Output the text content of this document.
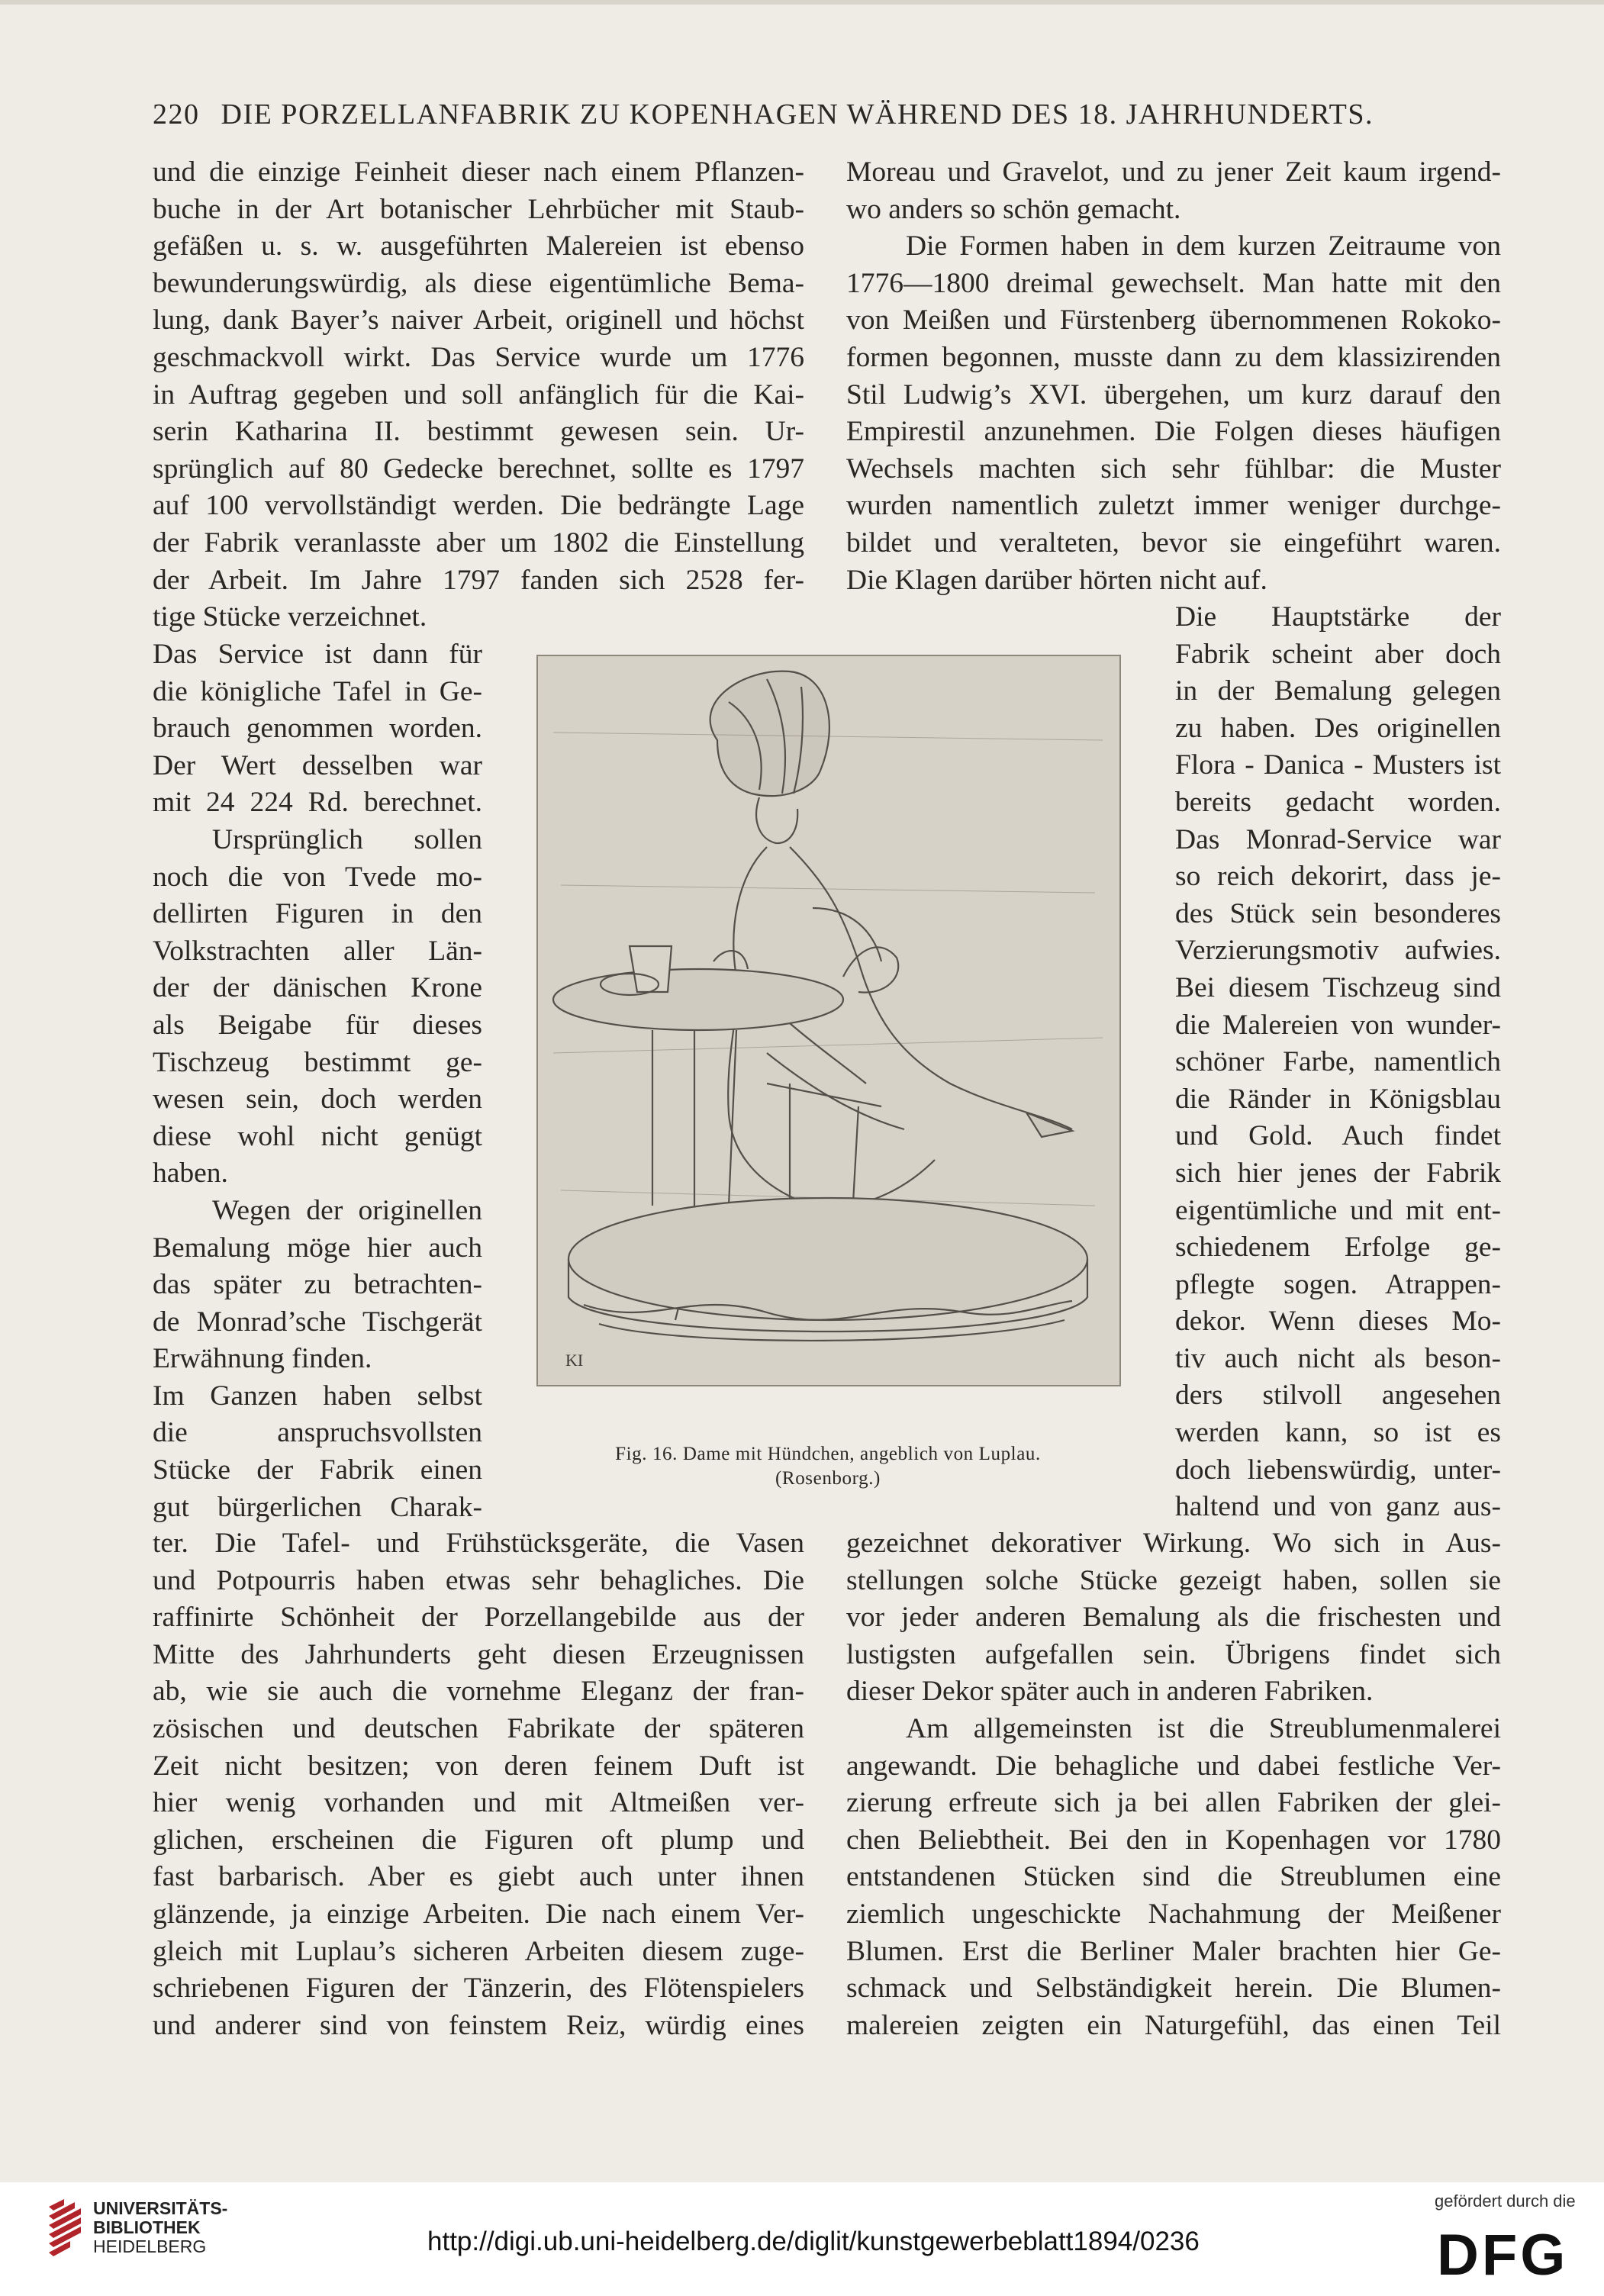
220 DIE PORZELLANFABRIK ZU KOPENHAGEN WÄHREND DES 18. JAHRHUNDERTS.
und die einzige Feinheit dieser nach einem Pflanzen-
buche in der Art botanischer Lehrbücher mit Staub-
gefäßen u. s. w. ausgeführten Malereien ist ebenso
bewunderungswürdig, als diese eigentümliche Bema-
lung, dank Bayer’s naiver Arbeit, originell und höchst
geschmackvoll wirkt. Das Service wurde um 1776
in Auftrag gegeben und soll anfänglich für die Kai-
serin Katharina II. bestimmt gewesen sein. Ur-
sprünglich auf 80 Gedecke berechnet, sollte es 1797
auf 100 vervollständigt werden. Die bedrängte Lage
der Fabrik veranlasste aber um 1802 die Einstellung
der Arbeit. Im Jahre 1797 fanden sich 2528 fer-
tige Stücke verzeichnet.
Moreau und Gravelot, und zu jener Zeit kaum irgend-
wo anders so schön gemacht.
Die Formen haben in dem kurzen Zeitraume von
1776—1800 dreimal gewechselt. Man hatte mit den
von Meißen und Fürstenberg übernommenen Rokoko-
formen begonnen, musste dann zu dem klassizirenden
Stil Ludwig’s XVI. übergehen, um kurz darauf den
Empirestil anzunehmen. Die Folgen dieses häufigen
Wechsels machten sich sehr fühlbar: die Muster
wurden namentlich zuletzt immer weniger durchge-
bildet und veralteten, bevor sie eingeführt waren.
Die Klagen darüber hörten nicht auf.
Das Service ist dann für
die königliche Tafel in Ge-
brauch genommen worden.
Der Wert desselben war
mit 24 224 Rd. berechnet.
Ursprünglich sollen
noch die von Tvede mo-
dellirten Figuren in den
Volkstrachten aller Län-
der der dänischen Krone
als Beigabe für dieses
Tischzeug bestimmt ge-
wesen sein, doch werden
diese wohl nicht genügt
haben.
Wegen der originellen
Bemalung möge hier auch
das später zu betrachten-
de Monrad’sche Tischgerät
Erwähnung finden.
Im Ganzen haben selbst
die anspruchsvollsten
Stücke der Fabrik einen
gut bürgerlichen Charak-
Die Hauptstärke der
Fabrik scheint aber doch
in der Bemalung gelegen
zu haben. Des originellen
Flora - Danica - Musters ist
bereits gedacht worden.
Das Monrad-Service war
so reich dekorirt, dass je-
des Stück sein besonderes
Verzierungsmotiv aufwies.
Bei diesem Tischzeug sind
die Malereien von wunder-
schöner Farbe, namentlich
die Ränder in Königsblau
und Gold. Auch findet
sich hier jenes der Fabrik
eigentümliche und mit ent-
schiedenem Erfolge ge-
pflegte sogen. Atrappen-
dekor. Wenn dieses Mo-
tiv auch nicht als beson-
ders stilvoll angesehen
werden kann, so ist es
doch liebenswürdig, unter-
haltend und von ganz aus-
ter. Die Tafel- und Frühstücksgeräte, die Vasen
und Potpourris haben etwas sehr behagliches. Die
raffinirte Schönheit der Porzellangebilde aus der
Mitte des Jahrhunderts geht diesen Erzeugnissen
ab, wie sie auch die vornehme Eleganz der fran-
zösischen und deutschen Fabrikate der späteren
Zeit nicht besitzen; von deren feinem Duft ist
hier wenig vorhanden und mit Altmeißen ver-
glichen, erscheinen die Figuren oft plump und
fast barbarisch. Aber es giebt auch unter ihnen
glänzende, ja einzige Arbeiten. Die nach einem Ver-
gleich mit Luplau’s sicheren Arbeiten diesem zuge-
schriebenen Figuren der Tänzerin, des Flötenspielers
und anderer sind von feinstem Reiz, würdig eines
gezeichnet dekorativer Wirkung. Wo sich in Aus-
stellungen solche Stücke gezeigt haben, sollen sie
vor jeder anderen Bemalung als die frischesten und
lustigsten aufgefallen sein. Übrigens findet sich
dieser Dekor später auch in anderen Fabriken.
Am allgemeinsten ist die Streublumenmalerei
angewandt. Die behagliche und dabei festliche Ver-
zierung erfreute sich ja bei allen Fabriken der glei-
chen Beliebtheit. Bei den in Kopenhagen vor 1780
entstandenen Stücken sind die Streublumen eine
ziemlich ungeschickte Nachahmung der Meißener
Blumen. Erst die Berliner Maler brachten hier Ge-
schmack und Selbständigkeit herein. Die Blumen-
malereien zeigten ein Naturgefühl, das einen Teil
KI
Fig. 16. Dame mit Hündchen, angeblich von Luplau.
(Rosenborg.)
UNIVERSITÄTS-
BIBLIOTHEK
HEIDELBERG	http://digi.ub.uni-heidelberg.de/diglit/kunstgewerbeblatt1894/0236
gefördert durch die
DFG
